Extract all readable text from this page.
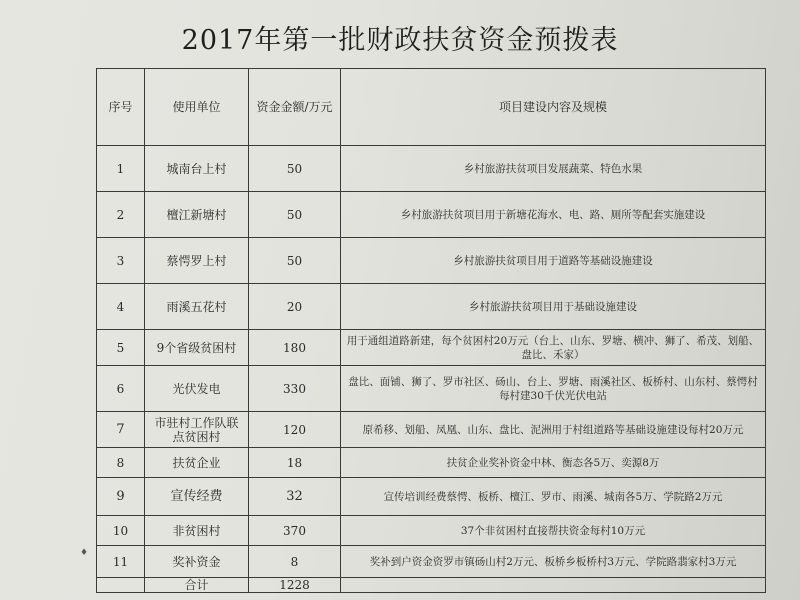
2017年第一批财政扶贫资金预拨表
序号	使用单位	资金金额/万元	项目建设内容及规模
1	城南台上村	50	乡村旅游扶贫项目发展蔬菜、特色水果
2	檀江新塘村	50	乡村旅游扶贫项目用于新塘花海水、电、路、厕所等配套实施建设
3	蔡愕罗上村	50	乡村旅游扶贫项目用于道路等基础设施建设
4	雨溪五花村	20	乡村旅游扶贫项目用于基础设施建设
5	9个省级贫困村	180	用于通组道路新建，每个贫困村20万元（台上、山东、罗塘、横冲、狮了、希茂、划船、盘比、禾家）
6	光伏发电	330	盘比、面铺、狮了、罗市社区、砀山、台上、罗塘、雨溪社区、板桥村、山东村、蔡愕村每村建30千伏光伏电站
7	市驻村工作队联点贫困村	120	原希移、划船、凤凰、山东、盘比、泥洲用于村组道路等基础设施建设每村20万元
8	扶贫企业	18	扶贫企业奖补资金中林、衡态各5万、奕源8万
9	宣传经费	32	宣传培训经费蔡愕、板桥、檀江、罗市、雨溪、城南各5万、学院路2万元
10	非贫困村	370	37个非贫困村直接帮扶资金每村10万元
11	奖补资金	8	奖补到户资金资罗市镇砀山村2万元、板桥乡板桥村3万元、学院路翡家村3万元
	合计	1228	
♦
